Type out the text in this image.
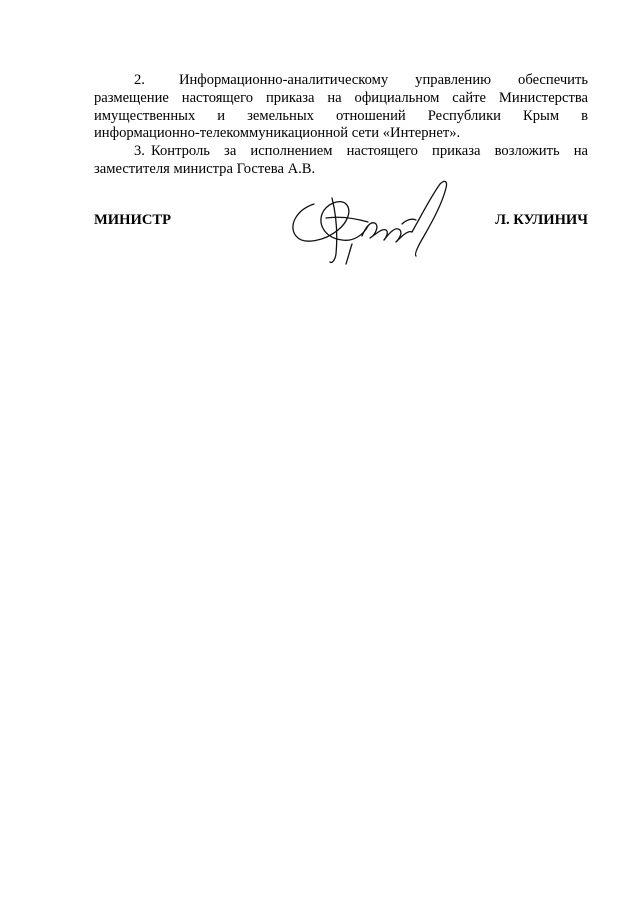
2. Информационно-аналитическому управлению обеспечить
размещение настоящего приказа на официальном сайте Министерства
имущественных и земельных отношений Республики Крым в
информационно-телекоммуникационной сети «Интернет».

3. Контроль за исполнением настоящего приказа возложить на
заместителя министра Гостева А.В.

МИНИСТР	Л. КУЛИНИЧ
